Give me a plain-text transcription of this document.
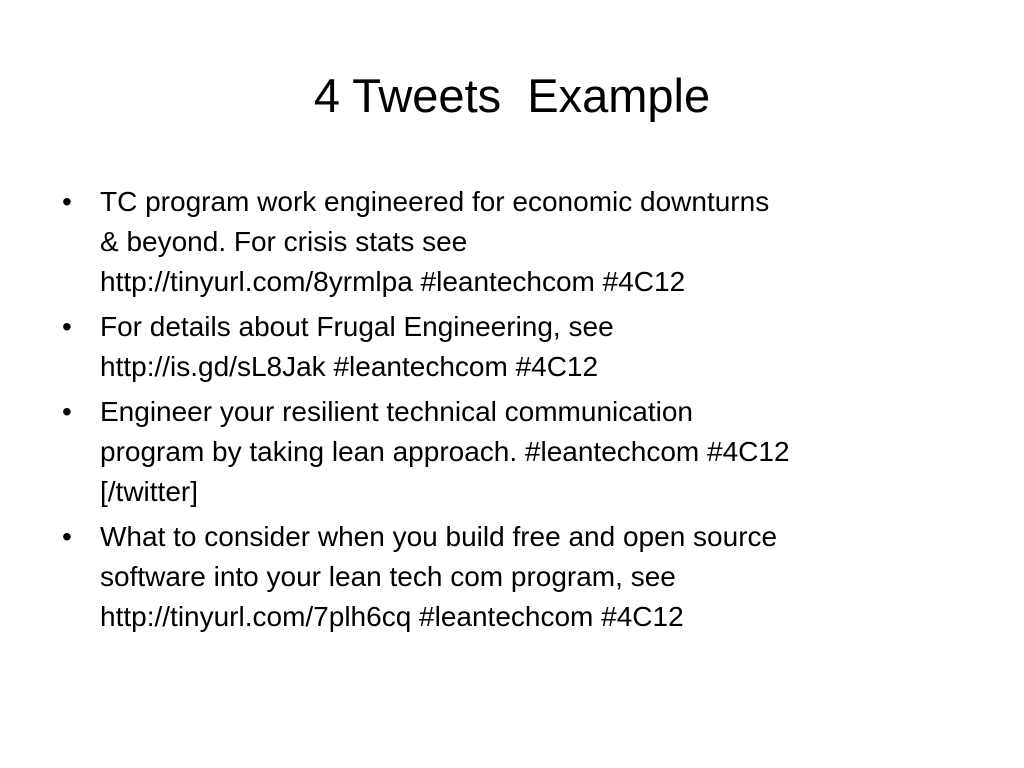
4 Tweets  Example
•	TC program work engineered for economic downturns
& beyond. For crisis stats see
http://tinyurl.com/8yrmlpa #leantechcom #4C12
•	For details about Frugal Engineering, see
http://is.gd/sL8Jak #leantechcom #4C12
•	Engineer your resilient technical communication
program by taking lean approach. #leantechcom #4C12
[/twitter]
•	What to consider when you build free and open source
software into your lean tech com program, see
http://tinyurl.com/7plh6cq #leantechcom #4C12
